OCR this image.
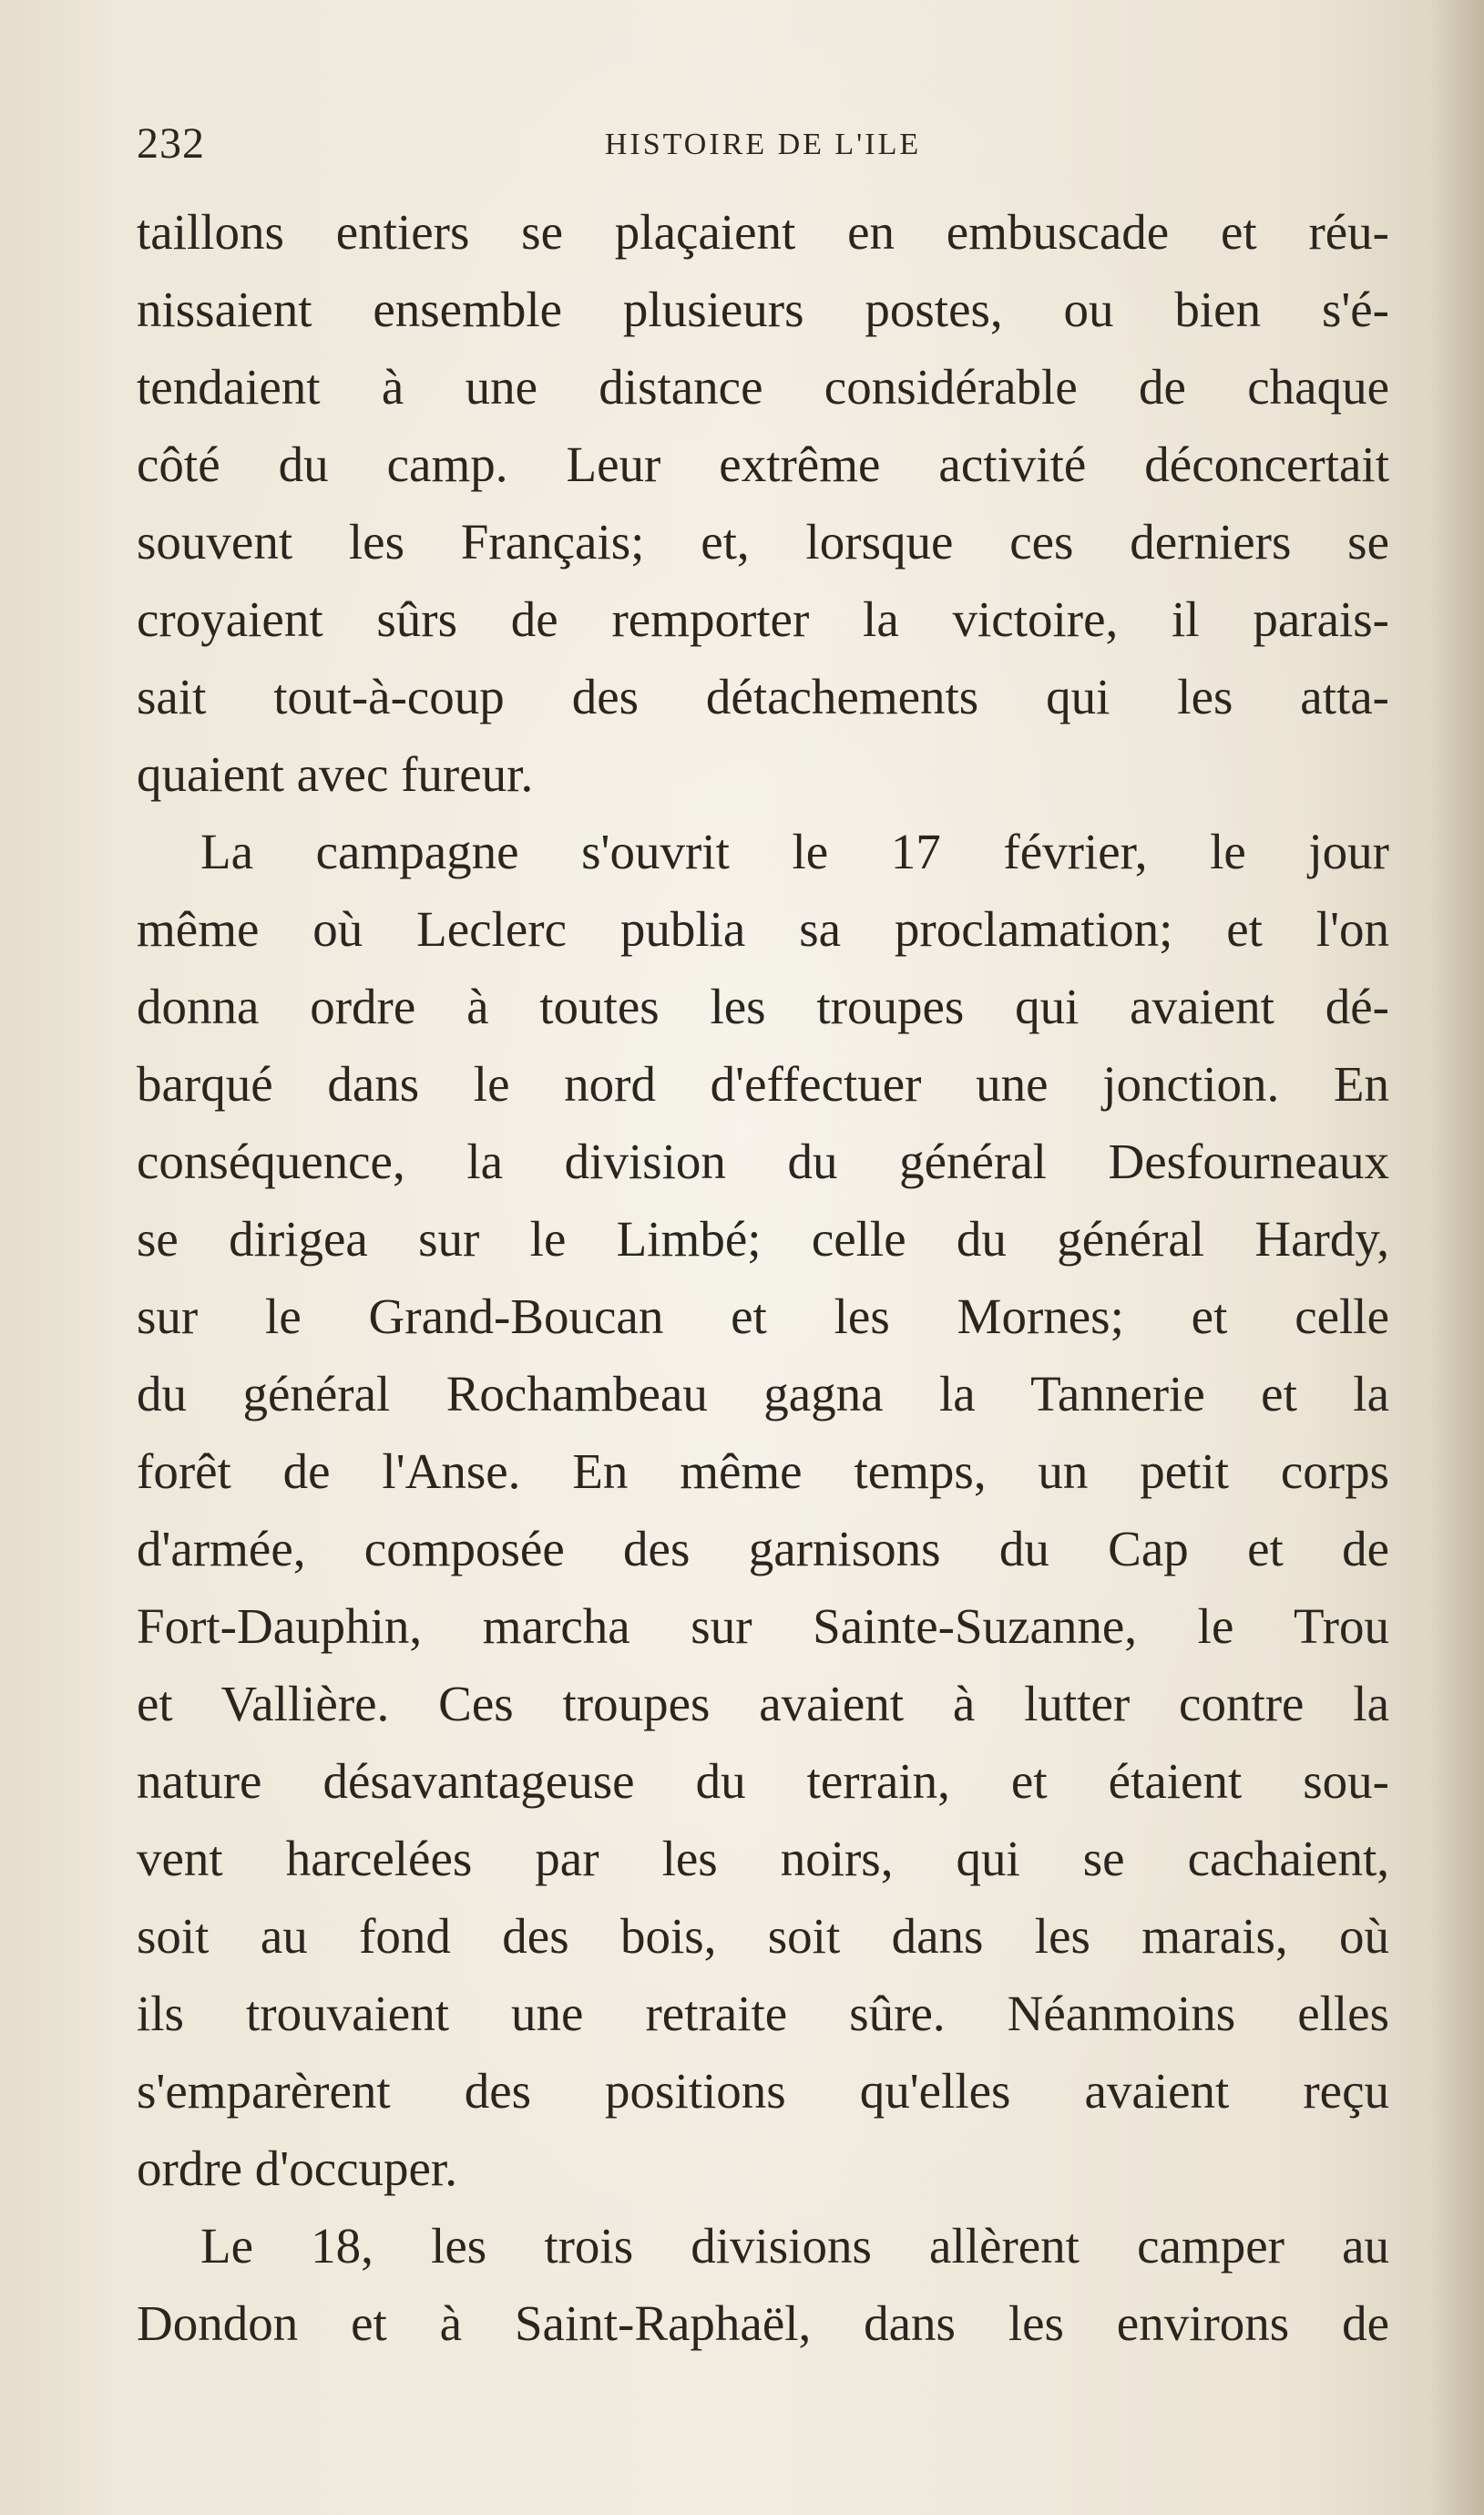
232	HISTOIRE DE L'ILE

taillons entiers se plaçaient en embuscade et réu-
nissaient ensemble plusieurs postes, ou bien s'é-
tendaient à une distance considérable de chaque
côté du camp. Leur extrême activité déconcertait
souvent les Français; et, lorsque ces derniers se
croyaient sûrs de remporter la victoire, il parais-
sait tout-à-coup des détachements qui les atta-
quaient avec fureur.

La campagne s'ouvrit le 17 février, le jour
même où Leclerc publia sa proclamation; et l'on
donna ordre à toutes les troupes qui avaient dé-
barqué dans le nord d'effectuer une jonction. En
conséquence, la division du général Desfourneaux
se dirigea sur le Limbé; celle du général Hardy,
sur le Grand-Boucan et les Mornes; et celle
du général Rochambeau gagna la Tannerie et la
forêt de l'Anse. En même temps, un petit corps
d'armée, composée des garnisons du Cap et de
Fort-Dauphin, marcha sur Sainte-Suzanne, le Trou
et Vallière. Ces troupes avaient à lutter contre la
nature désavantageuse du terrain, et étaient sou-
vent harcelées par les noirs, qui se cachaient,
soit au fond des bois, soit dans les marais, où
ils trouvaient une retraite sûre. Néanmoins elles
s'emparèrent des positions qu'elles avaient reçu
ordre d'occuper.

Le 18, les trois divisions allèrent camper au
Dondon et à Saint-Raphaël, dans les environs de
